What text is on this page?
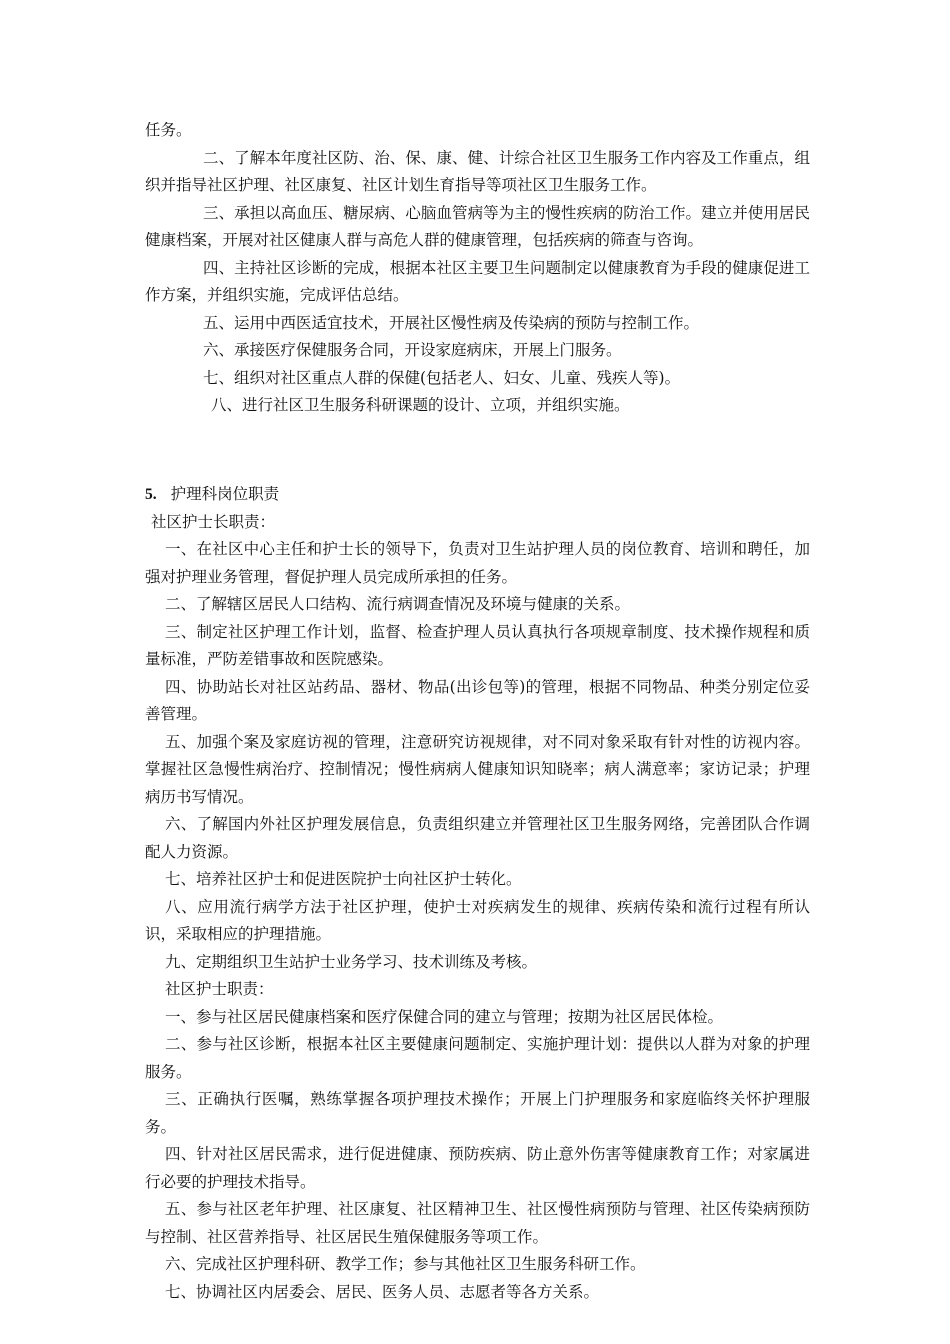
任务。

二、了解本年度社区防、治、保、康、健、计综合社区卫生服务工作内容及工作重点，组织并指导社区护理、社区康复、社区计划生育指导等项社区卫生服务工作。

三、承担以高血压、糖尿病、心脑血管病等为主的慢性疾病的防治工作。建立并使用居民健康档案，开展对社区健康人群与高危人群的健康管理，包括疾病的筛查与咨询。

四、主持社区诊断的完成，根据本社区主要卫生问题制定以健康教育为手段的健康促进工作方案，并组织实施，完成评估总结。

五、运用中西医适宜技术，开展社区慢性病及传染病的预防与控制工作。

六、承接医疗保健服务合同，开设家庭病床，开展上门服务。

七、组织对社区重点人群的保健(包括老人、妇女、儿童、残疾人等)。

八、进行社区卫生服务科研课题的设计、立项，并组织实施。

5. 护理科岗位职责

社区护士长职责：

一、在社区中心主任和护士长的领导下，负责对卫生站护理人员的岗位教育、培训和聘任，加强对护理业务管理，督促护理人员完成所承担的任务。

二、了解辖区居民人口结构、流行病调查情况及环境与健康的关系。

三、制定社区护理工作计划，监督、检查护理人员认真执行各项规章制度、技术操作规程和质量标准，严防差错事故和医院感染。

四、协助站长对社区站药品、器材、物品(出诊包等)的管理，根据不同物品、种类分别定位妥善管理。

五、加强个案及家庭访视的管理，注意研究访视规律，对不同对象采取有针对性的访视内容。掌握社区急慢性病治疗、控制情况；慢性病病人健康知识知晓率；病人满意率；家访记录；护理病历书写情况。

六、了解国内外社区护理发展信息，负责组织建立并管理社区卫生服务网络，完善团队合作调配人力资源。

七、培养社区护士和促进医院护士向社区护士转化。

八、应用流行病学方法于社区护理，使护士对疾病发生的规律、疾病传染和流行过程有所认识，采取相应的护理措施。

九、定期组织卫生站护士业务学习、技术训练及考核。

社区护士职责：

一、参与社区居民健康档案和医疗保健合同的建立与管理；按期为社区居民体检。

二、参与社区诊断，根据本社区主要健康问题制定、实施护理计划：提供以人群为对象的护理服务。

三、正确执行医嘱，熟练掌握各项护理技术操作；开展上门护理服务和家庭临终关怀护理服务。

四、针对社区居民需求，进行促进健康、预防疾病、防止意外伤害等健康教育工作；对家属进行必要的护理技术指导。

五、参与社区老年护理、社区康复、社区精神卫生、社区慢性病预防与管理、社区传染病预防与控制、社区营养指导、社区居民生殖保健服务等项工作。

六、完成社区护理科研、教学工作；参与其他社区卫生服务科研工作。

七、协调社区内居委会、居民、医务人员、志愿者等各方关系。
